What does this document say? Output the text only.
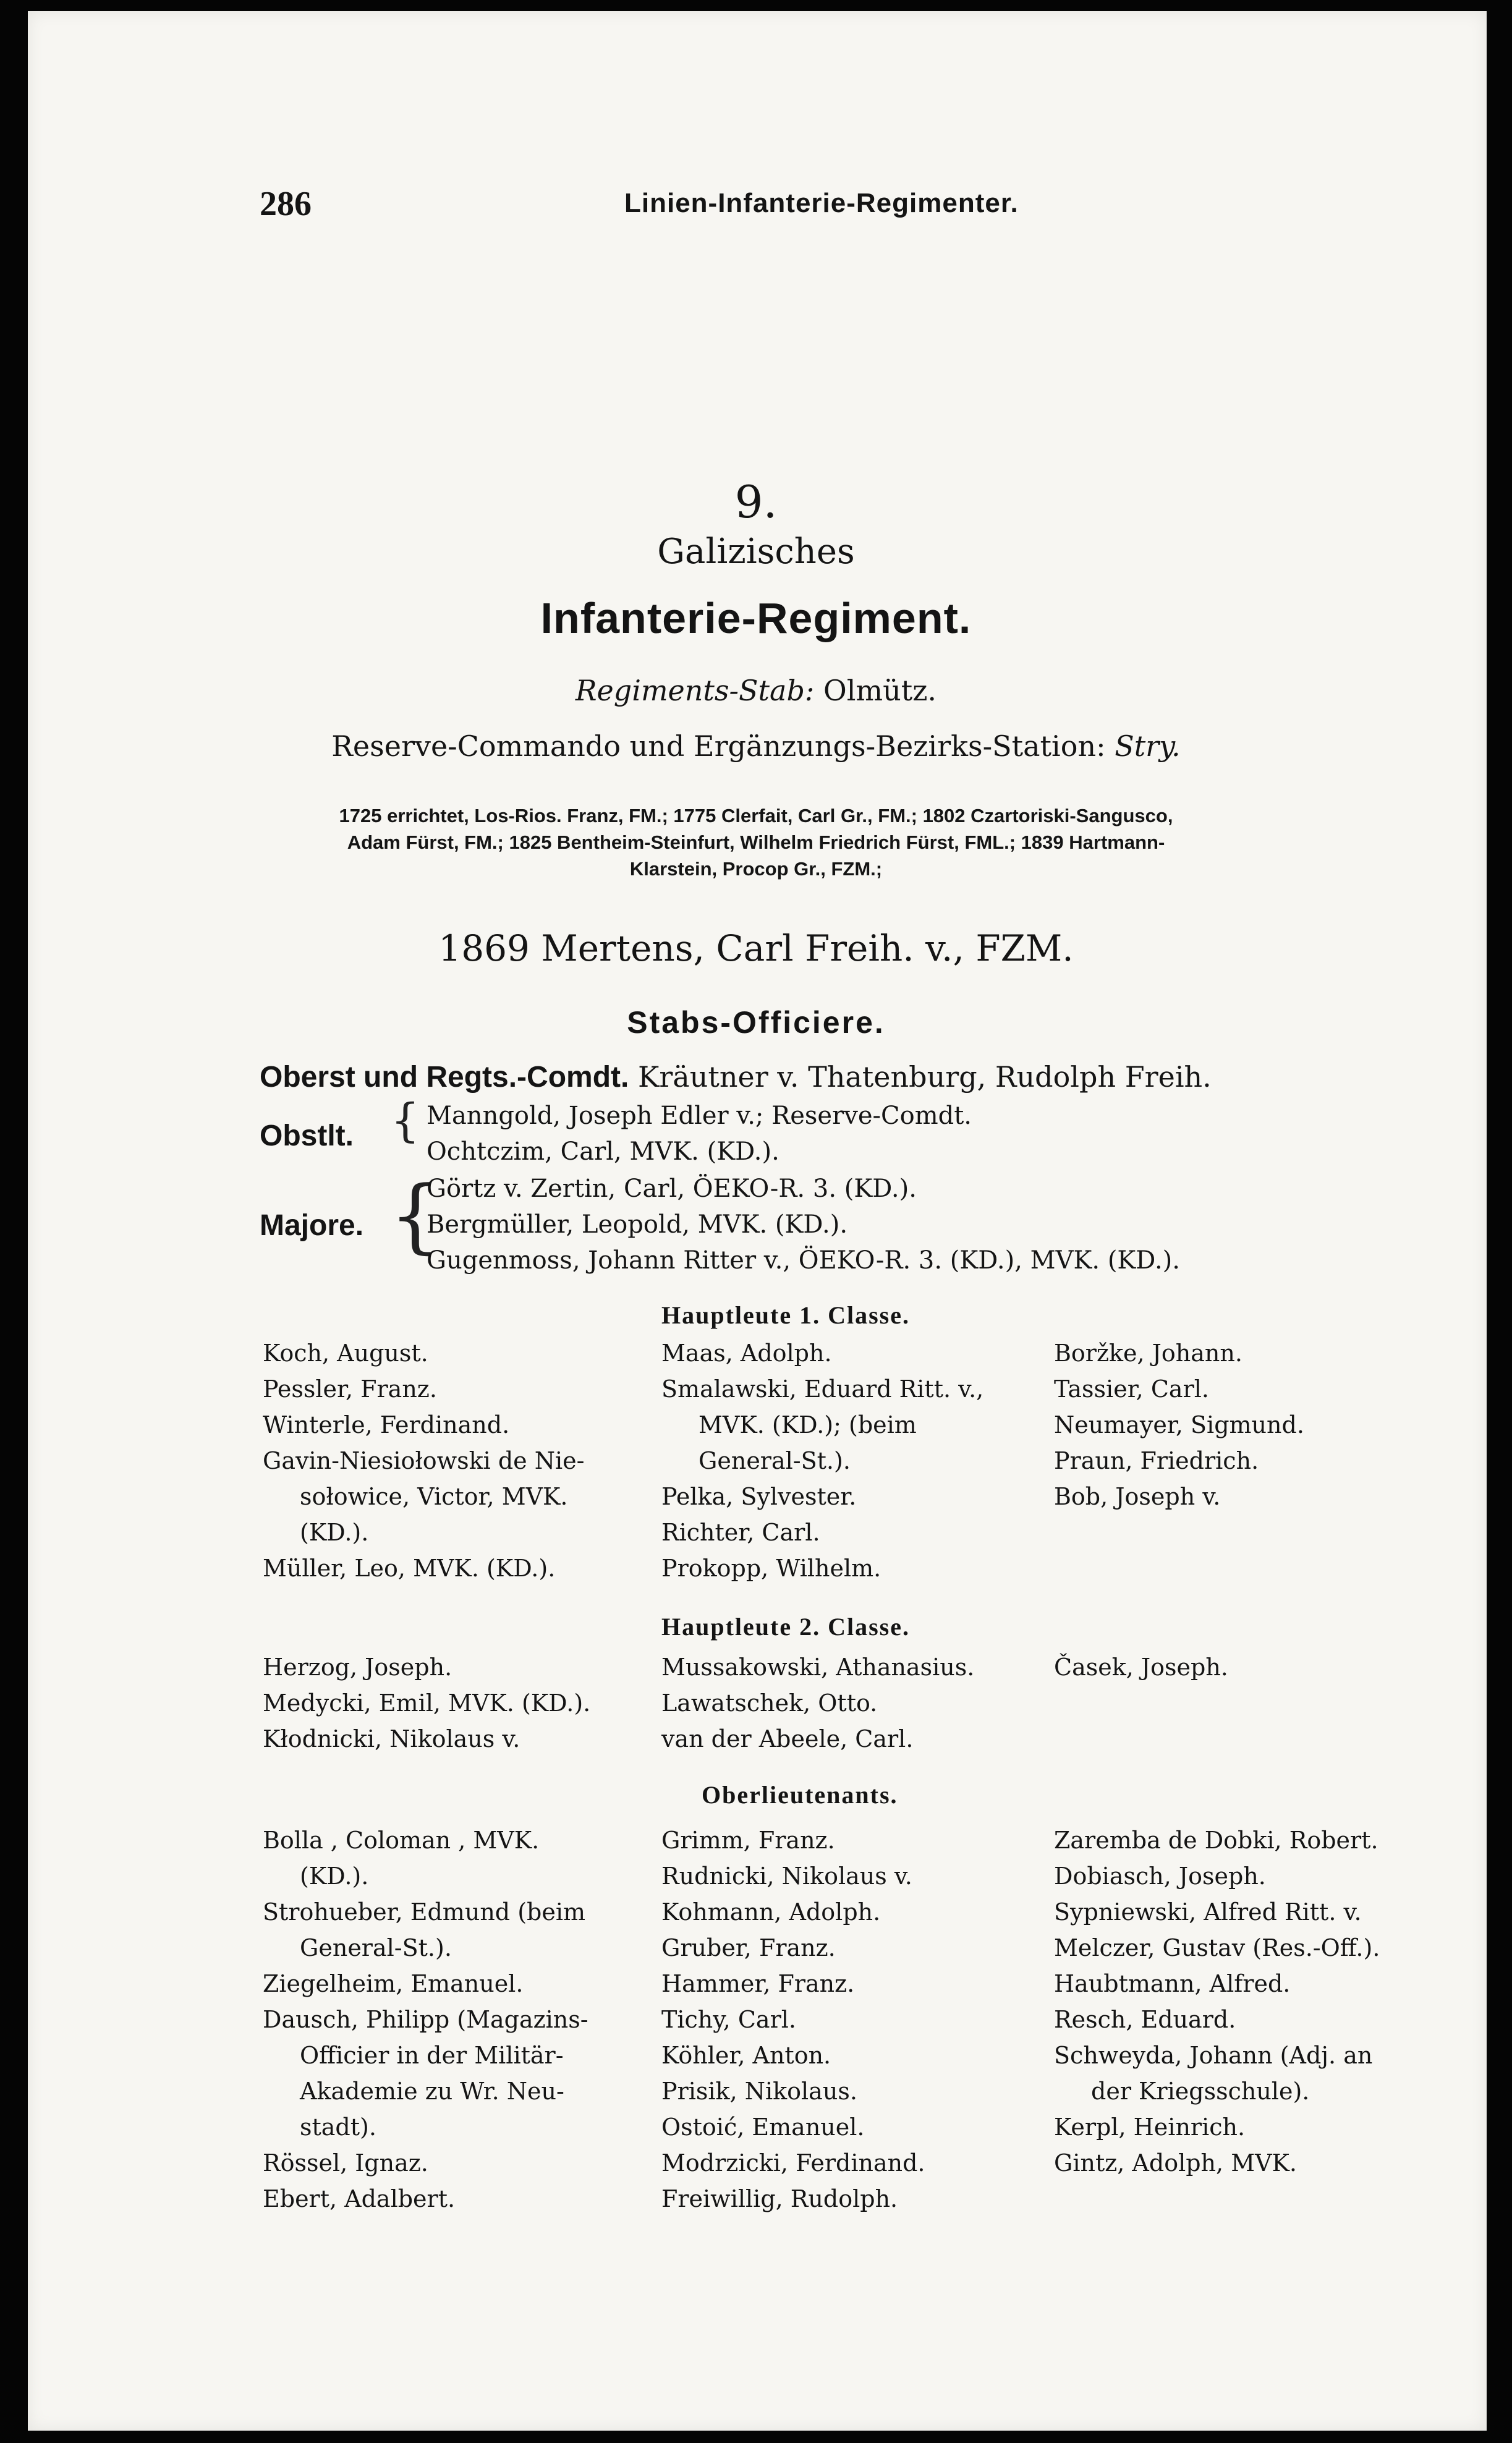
286	Linien-Infanterie-Regimenter.
9.
Galizisches
Infanterie-Regiment.
Regiments-Stab: Olmütz.
Reserve-Commando und Ergänzungs-Bezirks-Station: Stry.
1725 errichtet, Los-Rios. Franz, FM.; 1775 Clerfait, Carl Gr., FM.; 1802 Czartoriski-Sangusco,
Adam Fürst, FM.; 1825 Bentheim-Steinfurt, Wilhelm Friedrich Fürst, FML.; 1839 Hartmann-
Klarstein, Procop Gr., FZM.;
1869 Mertens, Carl Freih. v., FZM.
Stabs-Officiere.
Oberst und Regts.-Comdt. Kräutner v. Thatenburg, Rudolph Freih.
Obstlt. { Manngold, Joseph Edler v.; Reserve-Comdt.
Ochtczim, Carl, MVK. (KD.).
Majore. {
Görtz v. Zertin, Carl, ÖEKO-R. 3. (KD.).
Bergmüller, Leopold, MVK. (KD.).
Gugenmoss, Johann Ritter v., ÖEKO-R. 3. (KD.), MVK. (KD.).
Hauptleute 1. Classe.
Koch, August.
Pessler, Franz.
Winterle, Ferdinand.
Gavin-Niesiołowski de Nie-
sołowice, Victor, MVK.
(KD.).
Müller, Leo, MVK. (KD.).
Maas, Adolph.
Smalawski, Eduard Ritt. v.,
MVK. (KD.); (beim
General-St.).
Pelka, Sylvester.
Richter, Carl.
Prokopp, Wilhelm.
Boržke, Johann.
Tassier, Carl.
Neumayer, Sigmund.
Praun, Friedrich.
Bob, Joseph v.
Hauptleute 2. Classe.
Herzog, Joseph.
Medycki, Emil, MVK. (KD.).
Kłodnicki, Nikolaus v.
Mussakowski, Athanasius.
Lawatschek, Otto.
van der Abeele, Carl.
Časek, Joseph.
Oberlieutenants.
Bolla , Coloman , MVK.
(KD.).
Strohueber, Edmund (beim
General-St.).
Ziegelheim, Emanuel.
Dausch, Philipp (Magazins-
Officier in der Militär-
Akademie zu Wr. Neu-
stadt).
Rössel, Ignaz.
Ebert, Adalbert.
Grimm, Franz.
Rudnicki, Nikolaus v.
Kohmann, Adolph.
Gruber, Franz.
Hammer, Franz.
Tichy, Carl.
Köhler, Anton.
Prisik, Nikolaus.
Ostoić, Emanuel.
Modrzicki, Ferdinand.
Freiwillig, Rudolph.
Zaremba de Dobki, Robert.
Dobiasch, Joseph.
Sypniewski, Alfred Ritt. v.
Melczer, Gustav (Res.-Off.).
Haubtmann, Alfred.
Resch, Eduard.
Schweyda, Johann (Adj. an
der Kriegsschule).
Kerpl, Heinrich.
Gintz, Adolph, MVK.
